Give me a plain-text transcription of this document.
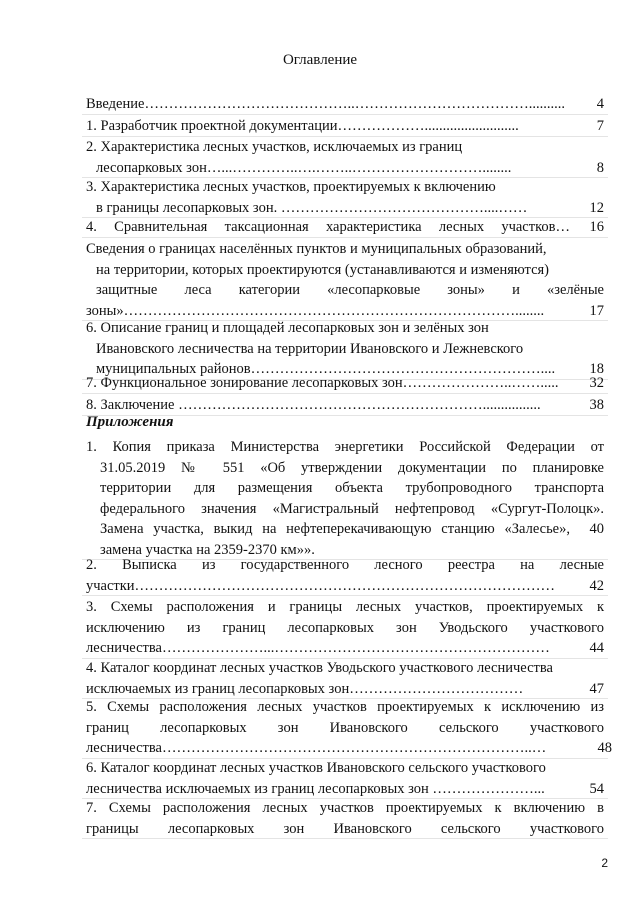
Оглавление
Введение……………………………………..………………………………..........	4
1. Разработчик проектной документации………………..........................	7
2. Характеристика лесных участков, исключаемых из границ
лесопарковых зон…...…………..….……..………………………........	8
3. Характеристика лесных участков, проектируемых к включению
в границы лесопарковых зон. ……………………………………....……	12
4. Сравнительная таксационная характеристика лесных участков…	16
Сведения о границах населённых пунктов и муниципальных образований,
на территории, которых проектируются (устанавливаются и изменяются)
защитные леса категории «лесопарковые зоны» и «зелёные
зоны»………………………………………………………………………........	17
6. Описание границ и площадей лесопарковых зон и зелёных зон
Ивановского лесничества на территории Ивановского и Лежневского
муниципальных районов……………………………………………………....	18
7. Функциональное зонирование лесопарковых зон…………………..…….....	32
8. Заключение ………………………………………………………................	38
Приложения
1. Копия приказа Министерства энергетики Российской Федерации от
31.05.2019 № 551 «Об утверждении документации по планировке
территории для размещения объекта трубопроводного транспорта
федерального значения «Магистральный нефтепровод «Сургут-Полоцк».
Замена участка, выкид на нефтеперекачивающую станцию «Залесье»,	40
замена участка на 2359-2370 км»».
2. Выписка из государственного лесного реестра на лесные
участки……………………………………………………………………………	42
3. Схемы расположения и границы лесных участков, проектируемых к
исключению из границ лесопарковых зон Уводьского участкового
лесничества…………………...…………………………………………………	44
4. Каталог координат лесных участков Уводьского участкового лесничества
исключаемых из границ лесопарковых зон………………………………	47
5. Схемы расположения лесных участков проектируемых к исключению из
границ лесопарковых зон Ивановского сельского участкового
лесничества…………………………………………………………………..…	48
6. Каталог координат лесных участков Ивановского сельского участкового
лесничества исключаемых из границ лесопарковых зон …………………...	54
7. Схемы расположения лесных участков проектируемых к включению в
границы лесопарковых зон Ивановского сельского участкового
2
